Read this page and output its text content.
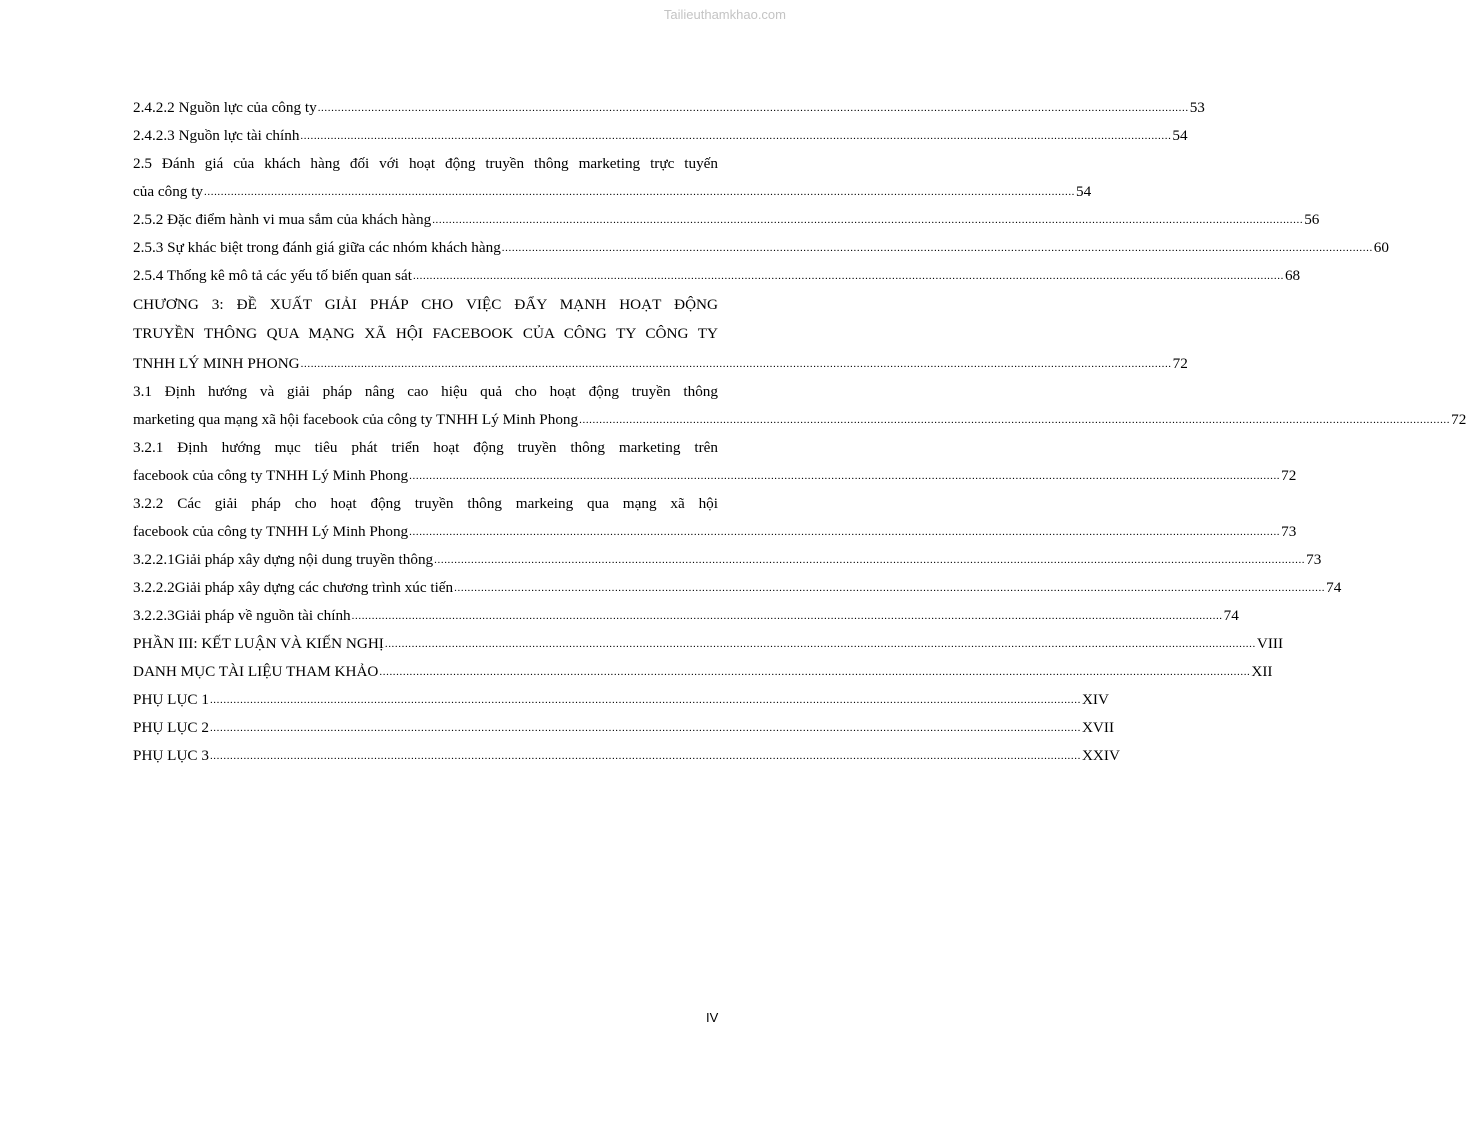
Tailieuthamkhao.com
2.4.2.2 Nguồn lực của công ty .................................................................................................................................................................................................................................................................... 53
2.4.2.3 Nguồn lực tài chính .................................................................................................................................................................................................................................................................... 54
2.5 Đánh giá của khách hàng đối với hoạt động truyền thông marketing trực tuyến
của công ty .................................................................................................................................................................................................................................................................... 54
2.5.2 Đặc điểm hành vi mua sắm của khách hàng .................................................................................................................................................................................................................................................................... 56
2.5.3 Sự khác biệt trong đánh giá giữa các nhóm khách hàng .................................................................................................................................................................................................................................................................... 60
2.5.4 Thống kê mô tả các yếu tố biến quan sát .................................................................................................................................................................................................................................................................... 68
CHƯƠNG 3: ĐỀ XUẤT GIẢI PHÁP CHO VIỆC ĐẨY MẠNH HOẠT ĐỘNG
TRUYỀN THÔNG QUA MẠNG XÃ HỘI FACEBOOK CỦA CÔNG TY CÔNG TY
TNHH LÝ MINH PHONG .................................................................................................................................................................................................................................................................... 72
3.1 Định hướng và giải pháp nâng cao hiệu quả cho hoạt động truyền thông
marketing qua mạng xã hội facebook của công ty TNHH Lý Minh Phong .................................................................................................................................................................................................................................................................... 72
3.2.1 Định hướng mục tiêu phát triển hoạt động truyền thông marketing trên
facebook của công ty TNHH Lý Minh Phong .................................................................................................................................................................................................................................................................... 72
3.2.2 Các giải pháp cho hoạt động truyền thông markeing qua mạng xã hội
facebook của công ty TNHH Lý Minh Phong .................................................................................................................................................................................................................................................................... 73
3.2.2.1Giải pháp xây dựng nội dung truyền thông .................................................................................................................................................................................................................................................................... 73
3.2.2.2Giải pháp xây dựng các chương trình xúc tiến .................................................................................................................................................................................................................................................................... 74
3.2.2.3Giải pháp về nguồn tài chính .................................................................................................................................................................................................................................................................... 74
PHẦN III: KẾT LUẬN VÀ KIẾN NGHỊ .................................................................................................................................................................................................................................................................... VIII
DANH MỤC TÀI LIỆU THAM KHẢO .................................................................................................................................................................................................................................................................... XII
PHỤ LỤC 1 .................................................................................................................................................................................................................................................................... XIV
PHỤ LỤC 2 .................................................................................................................................................................................................................................................................... XVII
PHỤ LỤC 3 .................................................................................................................................................................................................................................................................... XXIV
IV
